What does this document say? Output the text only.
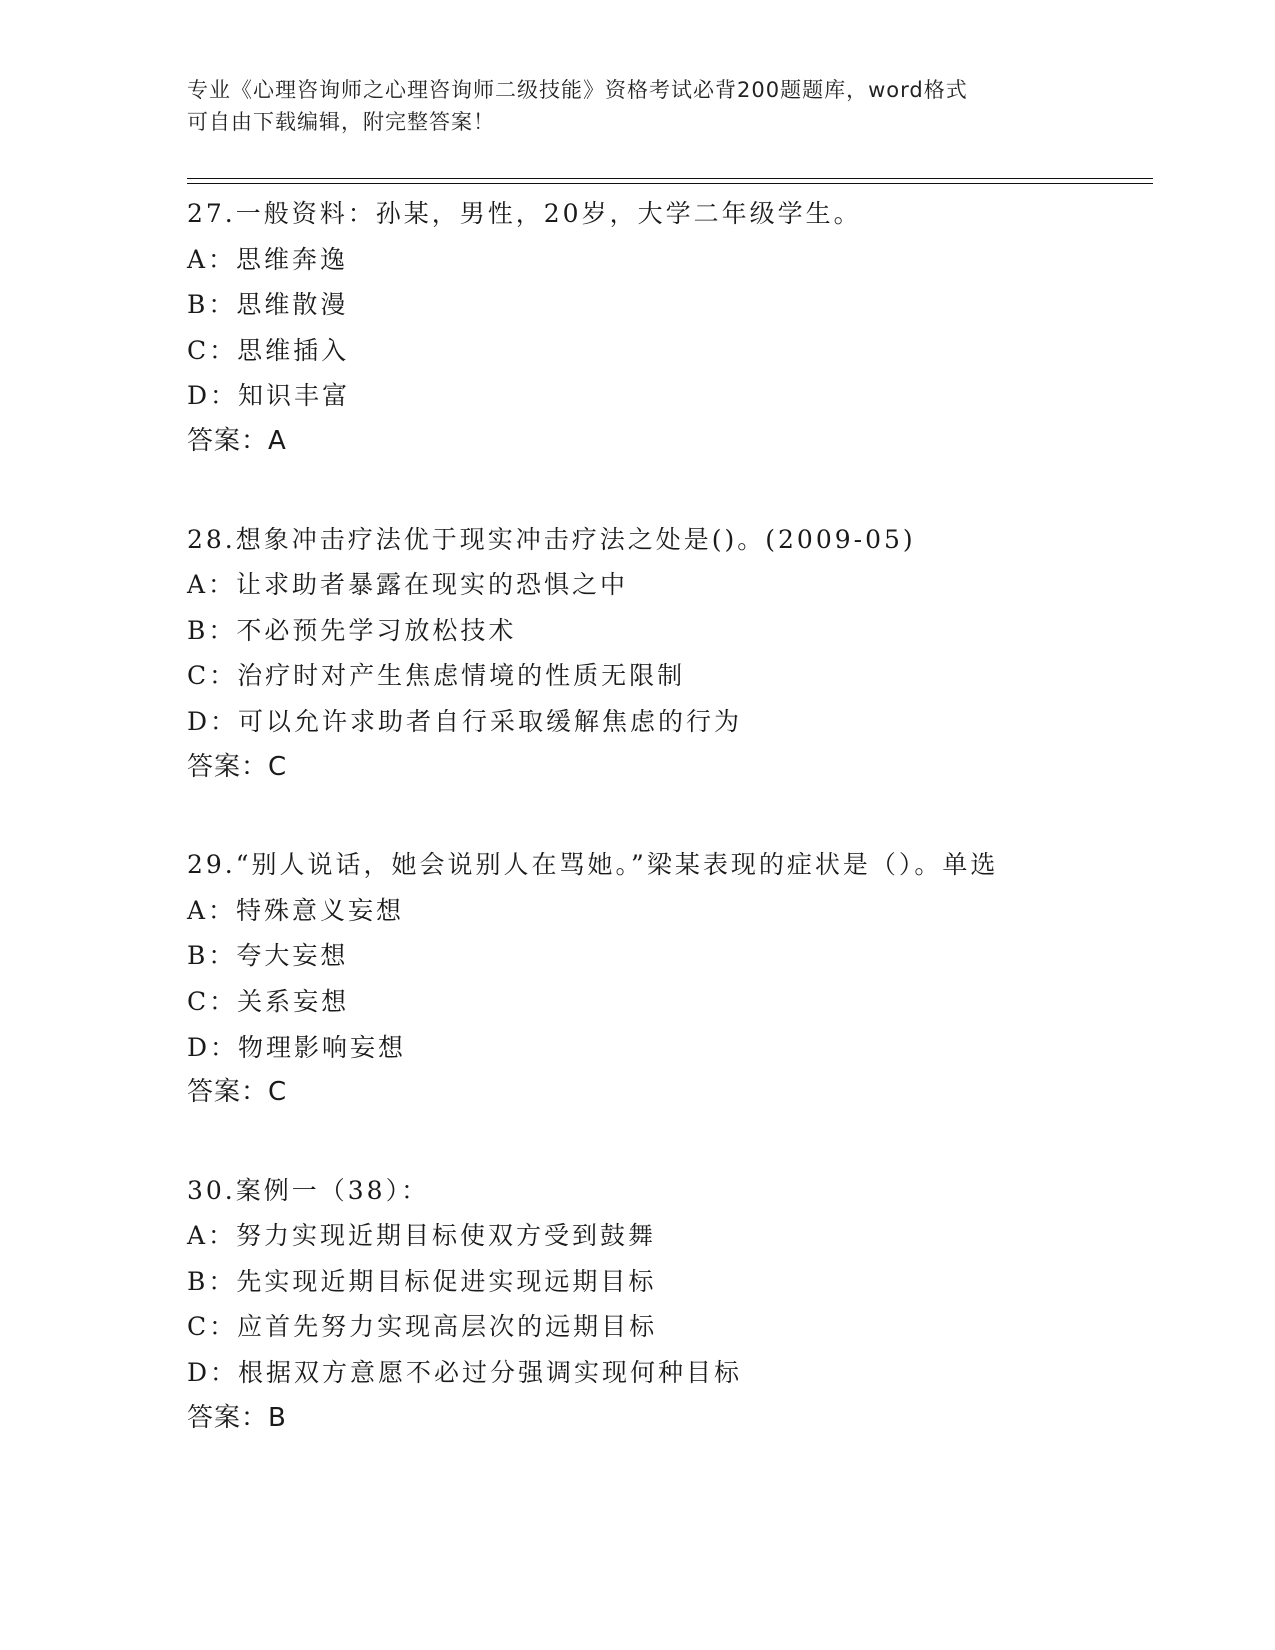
专业《心理咨询师之心理咨询师二级技能》资格考试必背200题题库，word格式
可自由下载编辑，附完整答案！
27.一般资料：孙某，男性，20岁，大学二年级学生。
A：思维奔逸
B：思维散漫
C：思维插入
D：知识丰富
答案：A
28.想象冲击疗法优于现实冲击疗法之处是()。(2009-05)
A：让求助者暴露在现实的恐惧之中
B：不必预先学习放松技术
C：治疗时对产生焦虑情境的性质无限制
D：可以允许求助者自行采取缓解焦虑的行为
答案：C
29.“别人说话，她会说别人在骂她。”梁某表现的症状是（）。单选
A：特殊意义妄想
B：夸大妄想
C：关系妄想
D：物理影响妄想
答案：C
30.案例一（38）：
A：努力实现近期目标使双方受到鼓舞
B：先实现近期目标促进实现远期目标
C：应首先努力实现高层次的远期目标
D：根据双方意愿不必过分强调实现何种目标
答案：B
